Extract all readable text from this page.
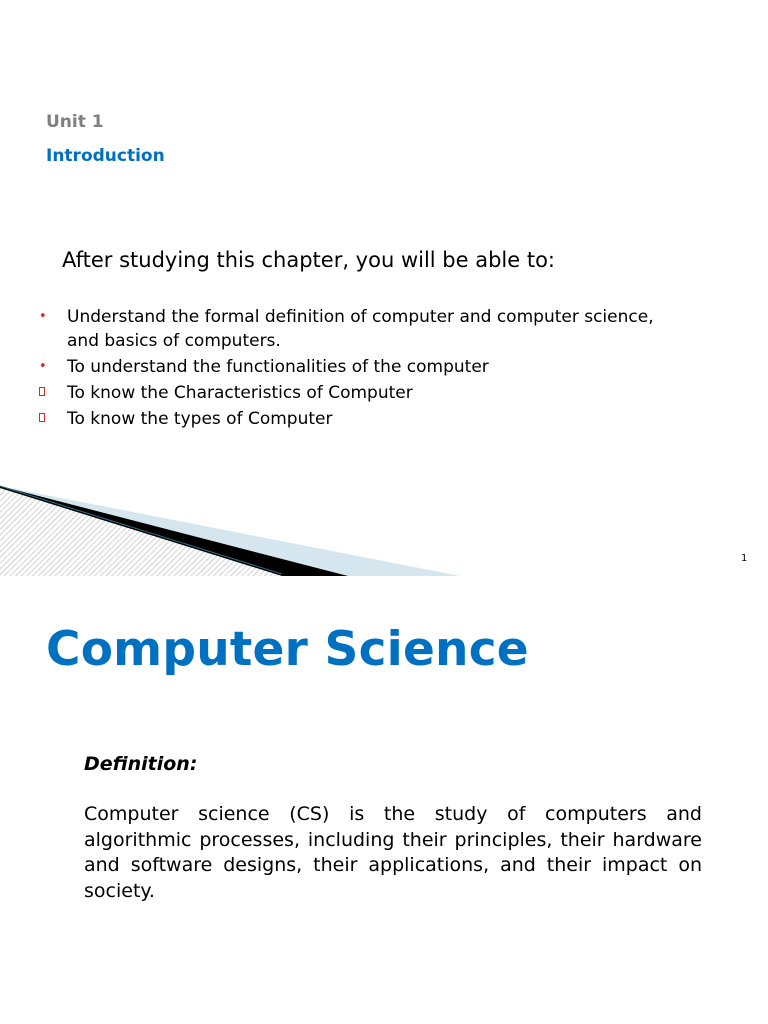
Unit 1
Introduction
After studying this chapter, you will be able to:
• Understand the formal definition of computer and computer science, and basics of computers.
• To understand the functionalities of the computer
To know the Characteristics of Computer
To know the types of Computer
1
Computer Science
Definition:
Computer science (CS) is the study of computers and algorithmic processes, including their principles, their hardware and software designs, their applications, and their impact on society.
